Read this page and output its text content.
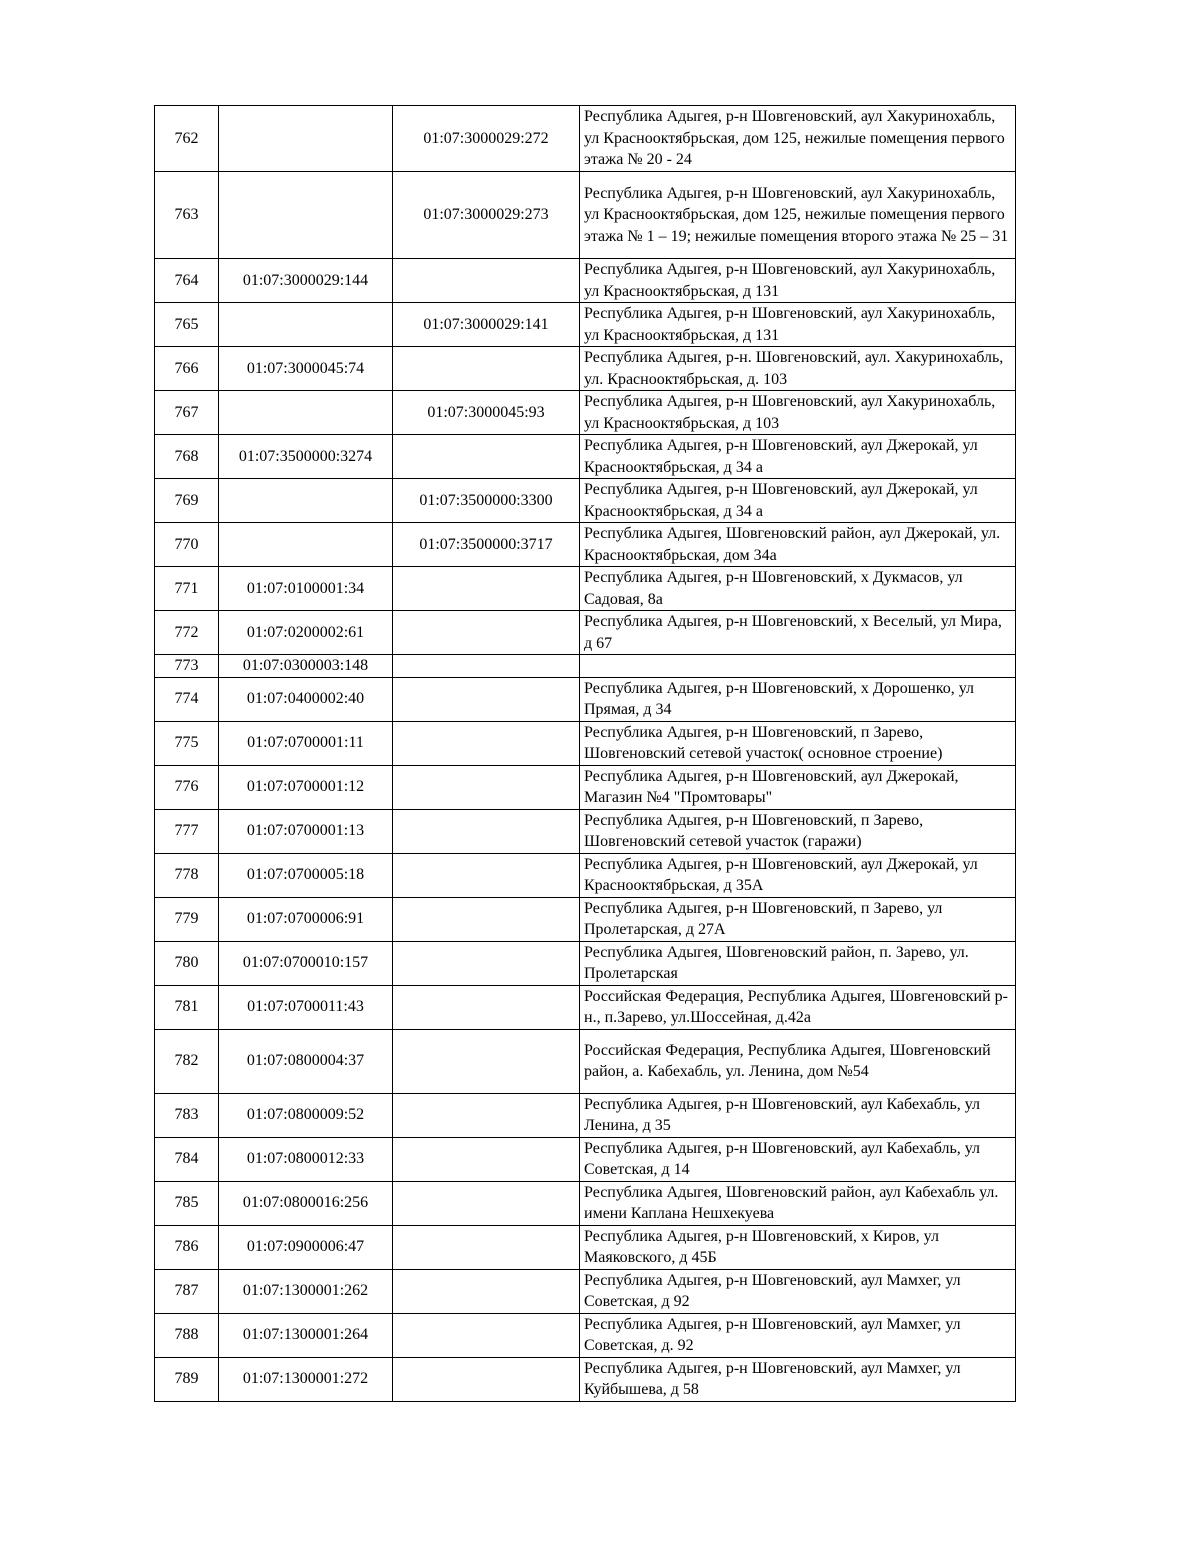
762		01:07:3000029:272	Республика Адыгея, р-н Шовгеновский, аул Хакуринохабль, ул Краснооктябрьская, дом 125, нежилые помещения первого этажа № 20 - 24
763		01:07:3000029:273	Республика Адыгея, р-н Шовгеновский, аул Хакуринохабль, ул Краснооктябрьская, дом 125, нежилые помещения первого этажа № 1 – 19; нежилые помещения второго этажа № 25 – 31
764	01:07:3000029:144		Республика Адыгея, р-н Шовгеновский, аул Хакуринохабль, ул Краснооктябрьская, д 131
765		01:07:3000029:141	Республика Адыгея, р-н Шовгеновский, аул Хакуринохабль, ул Краснооктябрьская, д 131
766	01:07:3000045:74		Республика Адыгея, р-н. Шовгеновский, аул. Хакуринохабль, ул. Краснооктябрьская, д. 103
767		01:07:3000045:93	Республика Адыгея, р-н Шовгеновский, аул Хакуринохабль, ул Краснооктябрьская, д 103
768	01:07:3500000:3274		Республика Адыгея, р-н Шовгеновский, аул Джерокай, ул Краснооктябрьская, д 34 а
769		01:07:3500000:3300	Республика Адыгея, р-н Шовгеновский, аул Джерокай, ул Краснооктябрьская, д 34 а
770		01:07:3500000:3717	Республика Адыгея, Шовгеновский район, аул Джерокай, ул. Краснооктябрьская, дом 34а
771	01:07:0100001:34		Республика Адыгея, р-н Шовгеновский, х Дукмасов, ул Садовая, 8а
772	01:07:0200002:61		Республика Адыгея, р-н Шовгеновский, х Веселый, ул Мира, д 67
773	01:07:0300003:148		
774	01:07:0400002:40		Республика Адыгея, р-н Шовгеновский, х Дорошенко, ул Прямая, д 34
775	01:07:0700001:11		Республика Адыгея, р-н Шовгеновский, п Зарево, Шовгеновский сетевой участок( основное строение)
776	01:07:0700001:12		Республика Адыгея, р-н Шовгеновский, аул Джерокай, Магазин №4 "Промтовары"
777	01:07:0700001:13		Республика Адыгея, р-н Шовгеновский, п Зарево, Шовгеновский сетевой участок (гаражи)
778	01:07:0700005:18		Республика Адыгея, р-н Шовгеновский, аул Джерокай, ул Краснооктябрьская, д 35А
779	01:07:0700006:91		Республика Адыгея, р-н Шовгеновский, п Зарево, ул Пролетарская, д 27А
780	01:07:0700010:157		Республика Адыгея, Шовгеновский район, п. Зарево, ул. Пролетарская
781	01:07:0700011:43		Российская Федерация, Республика Адыгея, Шовгеновский р-н., п.Зарево, ул.Шоссейная, д.42а
782	01:07:0800004:37		Российская Федерация, Республика Адыгея, Шовгеновский район, а. Кабехабль, ул. Ленина, дом №54
783	01:07:0800009:52		Республика Адыгея, р-н Шовгеновский, аул Кабехабль, ул Ленина, д 35
784	01:07:0800012:33		Республика Адыгея, р-н Шовгеновский, аул Кабехабль, ул Советская, д 14
785	01:07:0800016:256		Республика Адыгея, Шовгеновский район, аул Кабехабль ул. имени Каплана Нешхекуева
786	01:07:0900006:47		Республика Адыгея, р-н Шовгеновский, х Киров, ул Маяковского, д 45Б
787	01:07:1300001:262		Республика Адыгея, р-н Шовгеновский, аул Мамхег, ул Советская, д 92
788	01:07:1300001:264		Республика Адыгея, р-н Шовгеновский, аул Мамхег, ул Советская, д. 92
789	01:07:1300001:272		Республика Адыгея, р-н Шовгеновский, аул Мамхег, ул Куйбышева, д 58
